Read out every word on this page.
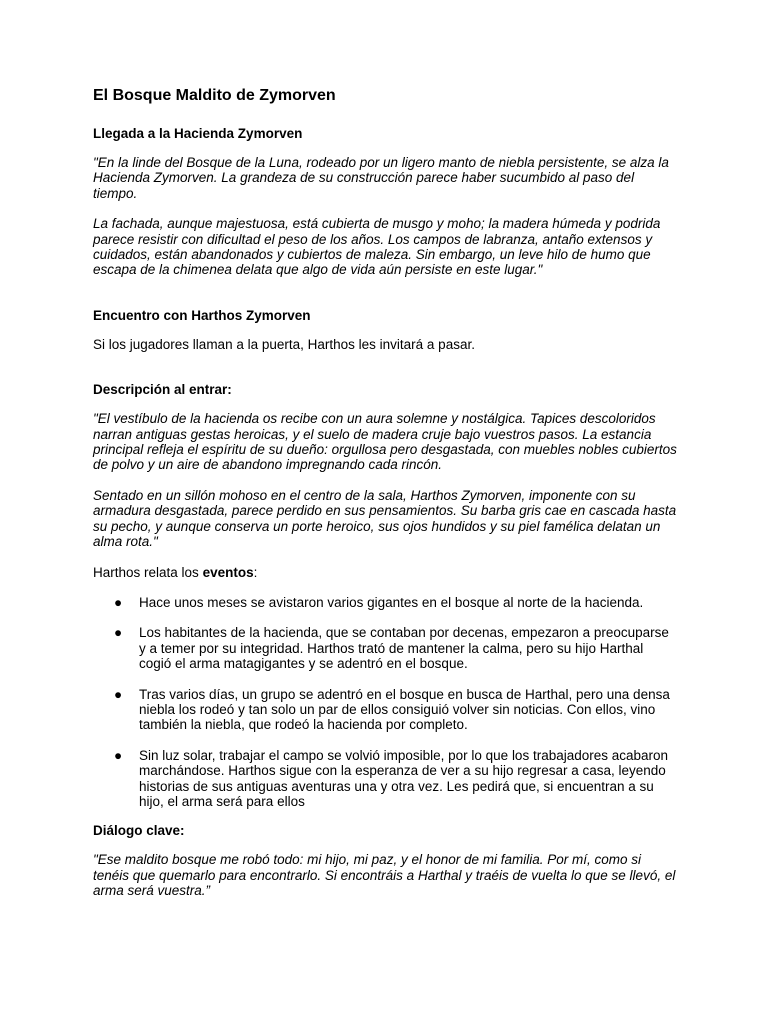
El Bosque Maldito de Zymorven
Llegada a la Hacienda Zymorven

"En la linde del Bosque de la Luna, rodeado por un ligero manto de niebla persistente, se alza la Hacienda Zymorven. La grandeza de su construcción parece haber sucumbido al paso del tiempo.

La fachada, aunque majestuosa, está cubierta de musgo y moho; la madera húmeda y podrida parece resistir con dificultad el peso de los años. Los campos de labranza, antaño extensos y cuidados, están abandonados y cubiertos de maleza. Sin embargo, un leve hilo de humo que escapa de la chimenea delata que algo de vida aún persiste en este lugar."

Encuentro con Harthos Zymorven

Si los jugadores llaman a la puerta, Harthos les invitará a pasar.

Descripción al entrar:

"El vestíbulo de la hacienda os recibe con un aura solemne y nostálgica. Tapices descoloridos narran antiguas gestas heroicas, y el suelo de madera cruje bajo vuestros pasos. La estancia principal refleja el espíritu de su dueño: orgullosa pero desgastada, con muebles nobles cubiertos de polvo y un aire de abandono impregnando cada rincón.

Sentado en un sillón mohoso en el centro de la sala, Harthos Zymorven, imponente con su armadura desgastada, parece perdido en sus pensamientos. Su barba gris cae en cascada hasta su pecho, y aunque conserva un porte heroico, sus ojos hundidos y su piel famélica delatan un alma rota."

Harthos relata los eventos:

● Hace unos meses se avistaron varios gigantes en el bosque al norte de la hacienda.
● Los habitantes de la hacienda, que se contaban por decenas, empezaron a preocuparse y a temer por su integridad. Harthos trató de mantener la calma, pero su hijo Harthal cogió el arma matagigantes y se adentró en el bosque.
● Tras varios días, un grupo se adentró en el bosque en busca de Harthal, pero una densa niebla los rodeó y tan solo un par de ellos consiguió volver sin noticias. Con ellos, vino también la niebla, que rodeó la hacienda por completo.
● Sin luz solar, trabajar el campo se volvió imposible, por lo que los trabajadores acabaron marchándose. Harthos sigue con la esperanza de ver a su hijo regresar a casa, leyendo historias de sus antiguas aventuras una y otra vez. Les pedirá que, si encuentran a su hijo, el arma será para ellos
Diálogo clave:

"Ese maldito bosque me robó todo: mi hijo, mi paz, y el honor de mi familia. Por mí, como si tenéis que quemarlo para encontrarlo. Si encontráis a Harthal y traéis de vuelta lo que se llevó, el arma será vuestra.”
